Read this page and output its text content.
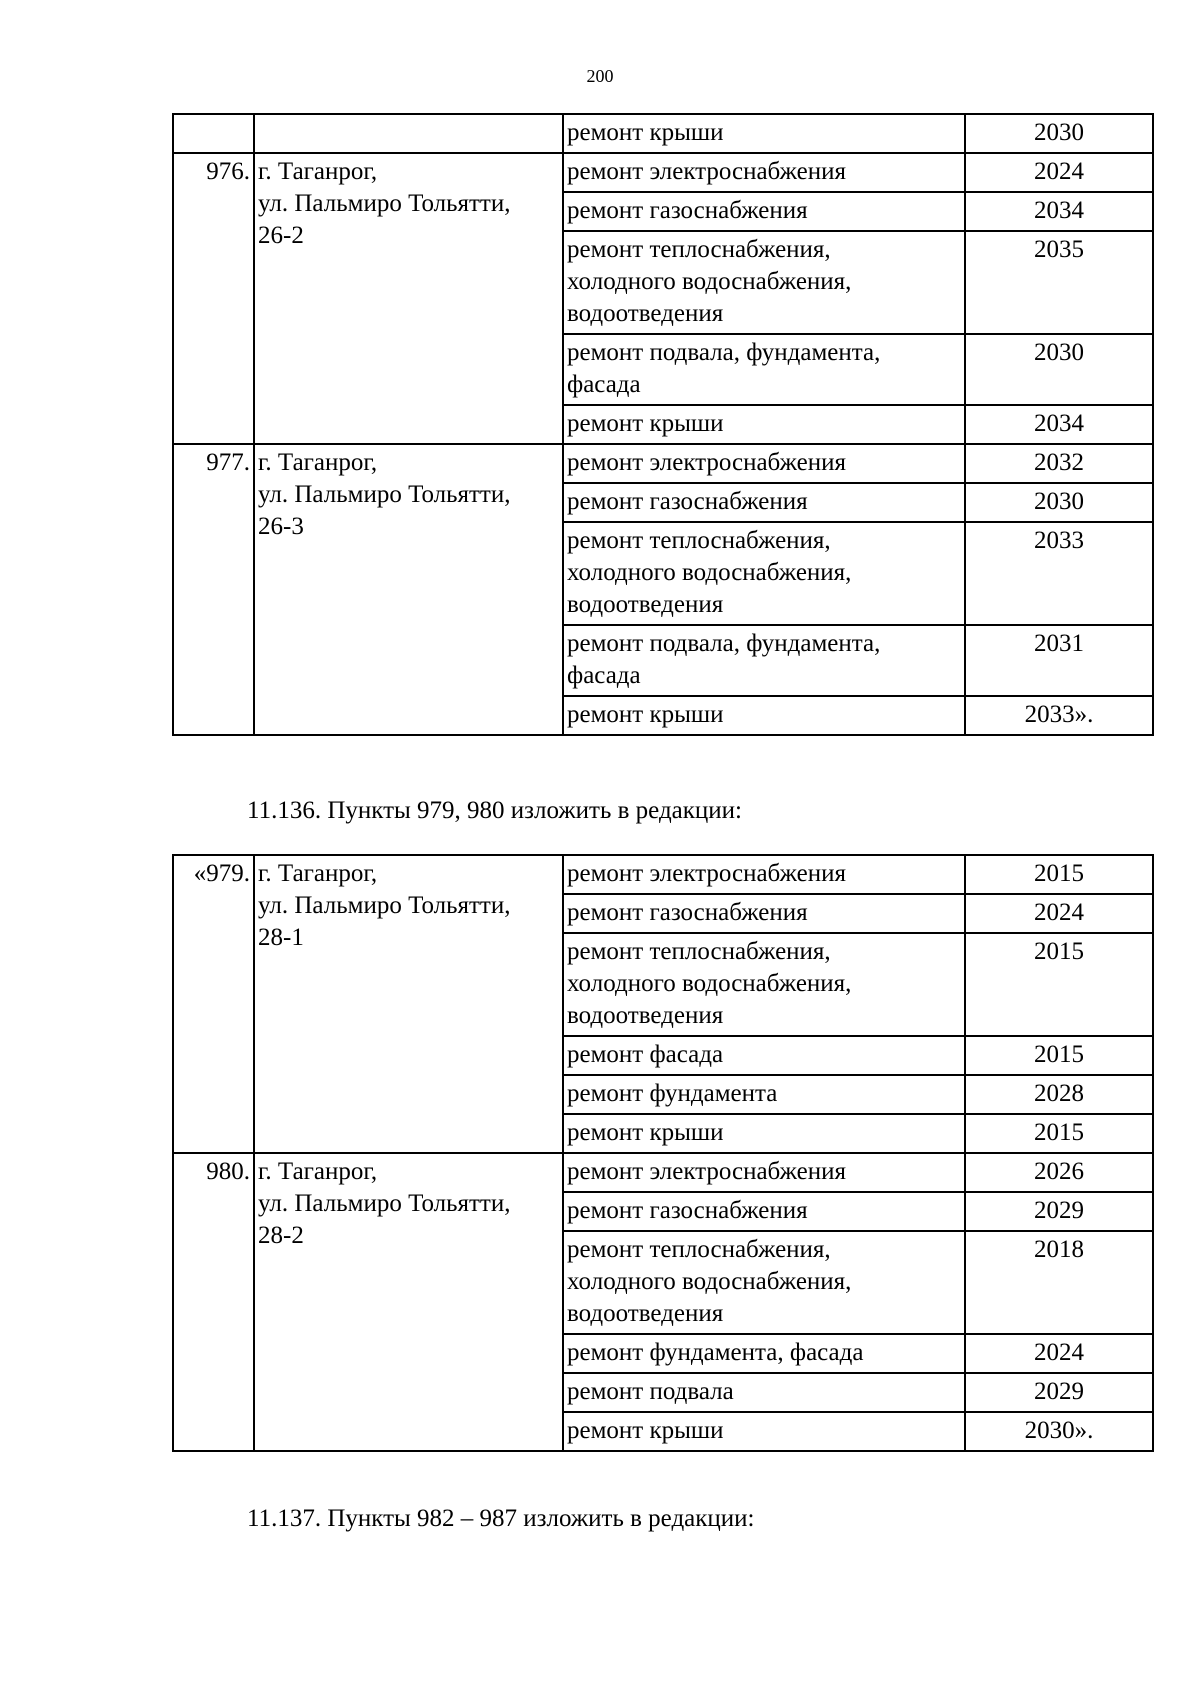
200

		ремонт крыши	2030
976.	г. Таганрог,
ул. Пальмиро Тольятти,
26-2	ремонт электроснабжения	2024

		ремонт газоснабжения	2034

		ремонт теплоснабжения,
холодного водоснабжения,
водоотведения	2035

		ремонт подвала, фундамента,
фасада	2030

		ремонт крыши	2034
977.	г. Таганрог,
ул. Пальмиро Тольятти,
26-3	ремонт электроснабжения	2032

		ремонт газоснабжения	2030

		ремонт теплоснабжения,
холодного водоснабжения,
водоотведения	2033

		ремонт подвала, фундамента,
фасада	2031

		ремонт крыши	2033».
11.136. Пункты 979, 980 изложить в редакции:
«979.	г. Таганрог,
ул. Пальмиро Тольятти,
28-1	ремонт электроснабжения	2015

		ремонт газоснабжения	2024

		ремонт теплоснабжения,
холодного водоснабжения,
водоотведения	2015

		ремонт фасада	2015

		ремонт фундамента	2028

		ремонт крыши	2015
980.	г. Таганрог,
ул. Пальмиро Тольятти,
28-2	ремонт электроснабжения	2026

		ремонт газоснабжения	2029

		ремонт теплоснабжения,
холодного водоснабжения,
водоотведения	2018

		ремонт фундамента, фасада	2024

		ремонт подвала	2029

		ремонт крыши	2030».
11.137. Пункты 982 – 987 изложить в редакции:
